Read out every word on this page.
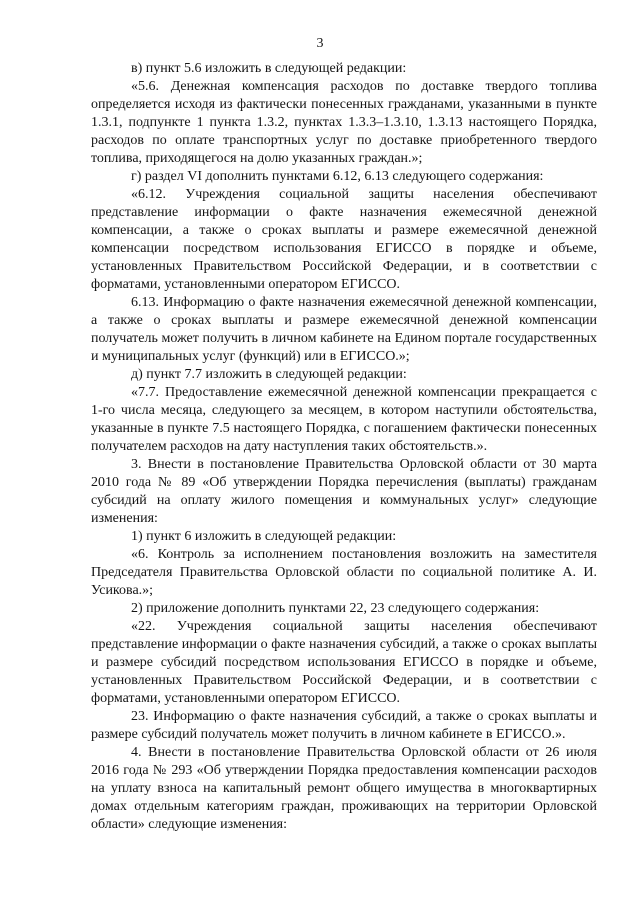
3

в) пункт 5.6 изложить в следующей редакции:

«5.6. Денежная компенсация расходов по доставке твердого топлива определяется исходя из фактически понесенных гражданами, указанными в пункте 1.3.1, подпункте 1 пункта 1.3.2, пунктах 1.3.3–1.3.10, 1.3.13 настоящего Порядка, расходов по оплате транспортных услуг по доставке приобретенного твердого топлива, приходящегося на долю указанных граждан.»;

г) раздел VI дополнить пунктами 6.12, 6.13 следующего содержания:

«6.12. Учреждения социальной защиты населения обеспечивают представление информации о факте назначения ежемесячной денежной компенсации, а также о сроках выплаты и размере ежемесячной денежной компенсации посредством использования ЕГИССО в порядке и объеме, установленных Правительством Российской Федерации, и в соответствии с форматами, установленными оператором ЕГИССО.

6.13. Информацию о факте назначения ежемесячной денежной компенсации, а также о сроках выплаты и размере ежемесячной денежной компенсации получатель может получить в личном кабинете на Едином портале государственных и муниципальных услуг (функций) или в ЕГИССО.»;

д) пункт 7.7 изложить в следующей редакции:

«7.7. Предоставление ежемесячной денежной компенсации прекращается с 1-го числа месяца, следующего за месяцем, в котором наступили обстоятельства, указанные в пункте 7.5 настоящего Порядка, с погашением фактически понесенных получателем расходов на дату наступления таких обстоятельств.».

3. Внести в постановление Правительства Орловской области от 30 марта 2010 года № 89 «Об утверждении Порядка перечисления (выплаты) гражданам субсидий на оплату жилого помещения и коммунальных услуг» следующие изменения:

1) пункт 6 изложить в следующей редакции:

«6. Контроль за исполнением постановления возложить на заместителя Председателя Правительства Орловской области по социальной политике А. И. Усикова.»;

2) приложение дополнить пунктами 22, 23 следующего содержания:

«22. Учреждения социальной защиты населения обеспечивают представление информации о факте назначения субсидий, а также о сроках выплаты и размере субсидий посредством использования ЕГИССО в порядке и объеме, установленных Правительством Российской Федерации, и в соответствии с форматами, установленными оператором ЕГИССО.

23. Информацию о факте назначения субсидий, а также о сроках выплаты и размере субсидий получатель может получить в личном кабинете в ЕГИССО.».

4. Внести в постановление Правительства Орловской области от 26 июля 2016 года № 293 «Об утверждении Порядка предоставления компенсации расходов на уплату взноса на капитальный ремонт общего имущества в многоквартирных домах отдельным категориям граждан, проживающих на территории Орловской области» следующие изменения:
